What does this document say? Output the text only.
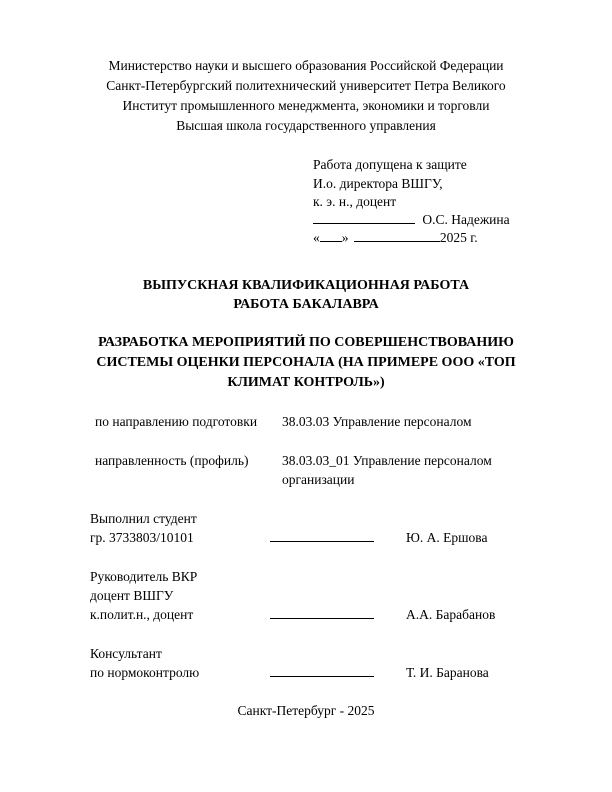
Министерство науки и высшего образования Российской Федерации
Санкт-Петербургский политехнический университет Петра Великого
Институт промышленного менеджмента, экономики и торговли
Высшая школа государственного управления
Работа допущена к защите
И.о. директора ВШГУ,
к. э. н., доцент
О.С. Надежина
« »	2025 г.
ВЫПУСКНАЯ КВАЛИФИКАЦИОННАЯ РАБОТА
РАБОТА БАКАЛАВРА
РАЗРАБОТКА МЕРОПРИЯТИЙ ПО СОВЕРШЕНСТВОВАНИЮ
СИСТЕМЫ ОЦЕНКИ ПЕРСОНАЛА (НА ПРИМЕРЕ ООО «ТОП
КЛИМАТ КОНТРОЛЬ»)
по направлению подготовки 38.03.03 Управление персоналом
направленность (профиль) 38.03.03_01 Управление персоналом
организации
Выполнил студент
гр. 3733803/10101	Ю. А. Ершова
Руководитель ВКР
доцент ВШГУ
к.полит.н., доцент	А.А. Барабанов
Консультант
по нормоконтролю	Т. И. Баранова
Санкт-Петербург - 2025
